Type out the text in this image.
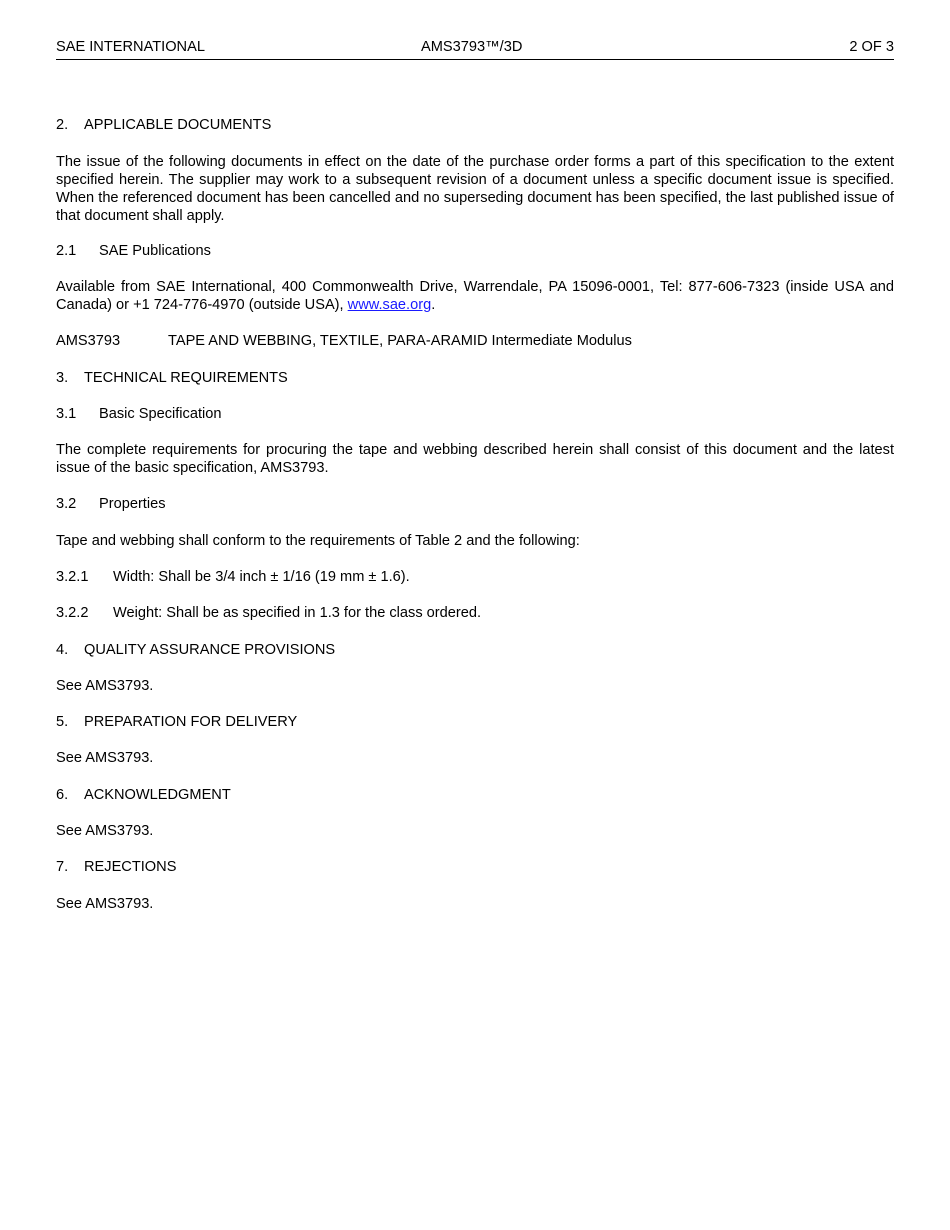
SAE INTERNATIONAL	AMS3793™/3D	2 OF 3
2. APPLICABLE DOCUMENTS
The issue of the following documents in effect on the date of the purchase order forms a part of this specification to the extent specified herein. The supplier may work to a subsequent revision of a document unless a specific document issue is specified. When the referenced document has been cancelled and no superseding document has been specified, the last published issue of that document shall apply.
2.1 SAE Publications
Available from SAE International, 400 Commonwealth Drive, Warrendale, PA 15096-0001, Tel: 877-606-7323 (inside USA and Canada) or +1 724-776-4970 (outside USA), www.sae.org.
AMS3793	TAPE AND WEBBING, TEXTILE, PARA-ARAMID Intermediate Modulus
3. TECHNICAL REQUIREMENTS
3.1 Basic Specification
The complete requirements for procuring the tape and webbing described herein shall consist of this document and the latest issue of the basic specification, AMS3793.
3.2 Properties
Tape and webbing shall conform to the requirements of Table 2 and the following:
3.2.1 Width: Shall be 3/4 inch ± 1/16 (19 mm ± 1.6).
3.2.2 Weight: Shall be as specified in 1.3 for the class ordered.
4. QUALITY ASSURANCE PROVISIONS
See AMS3793.
5. PREPARATION FOR DELIVERY
See AMS3793.
6. ACKNOWLEDGMENT
See AMS3793.
7. REJECTIONS
See AMS3793.
